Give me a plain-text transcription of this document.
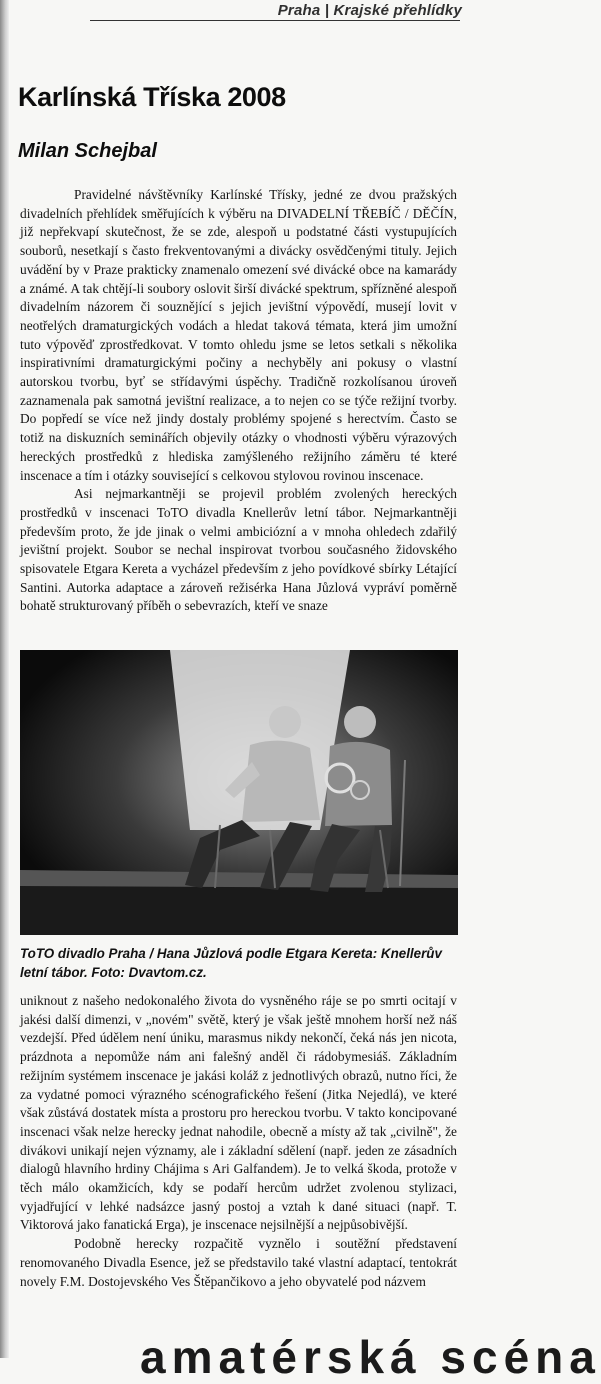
Praha | Krajské přehlídky
Karlínská Tříska 2008
Milan Schejbal

Pravidelné návštěvníky Karlínské Třísky, jedné ze dvou pražských divadelních přehlídek směřujících k výběru na DIVADELNÍ TŘEBÍČ / DĚČÍN, již nepřekvapí skutečnost, že se zde, alespoň u podstatné části vystupujících souborů, nesetkají s často frekventovanými a divácky osvědčenými tituly. Jejich uvádění by v Praze prakticky znamenalo omezení své divácké obce na kamarády a známé. A tak chtějí-li soubory oslovit širší divácké spektrum, spřízněné alespoň divadelním názorem či souznějící s jejich jevištní výpovědí, musejí lovit v neotřelých dramaturgických vodách a hledat taková témata, která jim umožní tuto výpověď zprostředkovat. V tomto ohledu jsme se letos setkali s několika inspirativními dramaturgickými počiny a nechyběly ani pokusy o vlastní autorskou tvorbu, byť se střídavými úspěchy. Tradičně rozkolísanou úroveň zaznamenala pak samotná jevištní realizace, a to nejen co se týče režijní tvorby. Do popředí se více než jindy dostaly problémy spojené s herectvím. Často se totiž na diskuzních seminářích objevily otázky o vhodnosti výběru výrazových hereckých prostředků z hlediska zamýšleného režijního záměru té které inscenace a tím i otázky související s celkovou stylovou rovinou inscenace.

Asi nejmarkantněji se projevil problém zvolených hereckých prostředků v inscenaci ToTO divadla Knellerův letní tábor. Nejmarkantněji především proto, že jde jinak o velmi ambiciózní a v mnoha ohledech zdařilý jevištní projekt. Soubor se nechal inspirovat tvorbou současného židovského spisovatele Etgara Kereta a vycházel především z jeho povídkové sbírky Létající Santini. Autorka adaptace a zároveň režisérka Hana Jůzlová vypráví poměrně bohatě strukturovaný příběh o sebevrazích, kteří ve snaze

ToTO divadlo Praha / Hana Jůzlová podle Etgara Kereta: Knellerův letní tábor. Foto: Dvavtom.cz.

uniknout z našeho nedokonalého života do vysněného ráje se po smrti ocitají v jakési další dimenzi, v „novém" světě, který je však ještě mnohem horší než náš vezdejší. Před údělem není úniku, marasmus nikdy nekončí, čeká nás jen nicota, prázdnota a nepomůže nám ani falešný anděl či rádobymesiáš. Základním režijním systémem inscenace je jakási koláž z jednotlivých obrazů, nutno říci, že za vydatné pomoci výrazného scénografického řešení (Jitka Nejedlá), ve které však zůstává dostatek místa a prostoru pro hereckou tvorbu. V takto koncipované inscenaci však nelze herecky jednat nahodile, obecně a místy až tak „civilně", že divákovi unikají nejen významy, ale i základní sdělení (např. jeden ze zásadních dialogů hlavního hrdiny Chájima s Ari Galfandem). Je to velká škoda, protože v těch málo okamžicích, kdy se podaří hercům udržet zvolenou stylizaci, vyjadřující v lehké nadsázce jasný postoj a vztah k dané situaci (např. T. Viktorová jako fanatická Erga), je inscenace nejsilnější a nejpůsobivější.

Podobně herecky rozpačitě vyznělo i soutěžní představení renomovaného Divadla Esence, jež se představilo také vlastní adaptací, tentokrát novely F.M. Dostojevského Ves Štěpančikovo a jeho obyvatelé pod názvem

amatérská scéna
